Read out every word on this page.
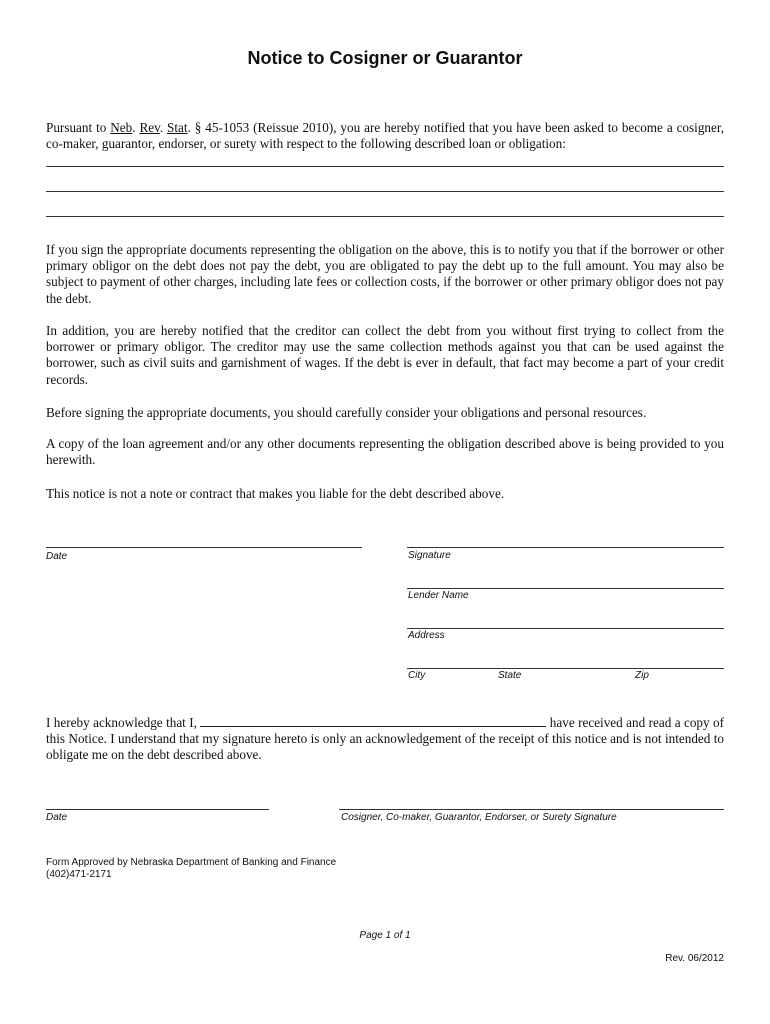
Notice to Cosigner or Guarantor

Pursuant to Neb. Rev. Stat. § 45-1053 (Reissue 2010), you are hereby notified that you have been asked to become a cosigner, co-maker, guarantor, endorser, or surety with respect to the following described loan or obligation:

If you sign the appropriate documents representing the obligation on the above, this is to notify you that if the borrower or other primary obligor on the debt does not pay the debt, you are obligated to pay the debt up to the full amount. You may also be subject to payment of other charges, including late fees or collection costs, if the borrower or other primary obligor does not pay the debt.

In addition, you are hereby notified that the creditor can collect the debt from you without first trying to collect from the borrower or primary obligor. The creditor may use the same collection methods against you that can be used against the borrower, such as civil suits and garnishment of wages. If the debt is ever in default, that fact may become a part of your credit records.

Before signing the appropriate documents, you should carefully consider your obligations and personal resources.

A copy of the loan agreement and/or any other documents representing the obligation described above is being provided to you herewith.

This notice is not a note or contract that makes you liable for the debt described above.

Date	Signature
Lender Name
Address
City	State	Zip

I hereby acknowledge that I,	have received and read a copy of this Notice. I understand that my signature hereto is only an acknowledgement of the receipt of this notice and is not intended to obligate me on the debt described above.

Date	Cosigner, Co-maker, Guarantor, Endorser, or Surety Signature
Form Approved by Nebraska Department of Banking and Finance
(402)471-2171
Page 1 of 1
Rev. 06/2012
